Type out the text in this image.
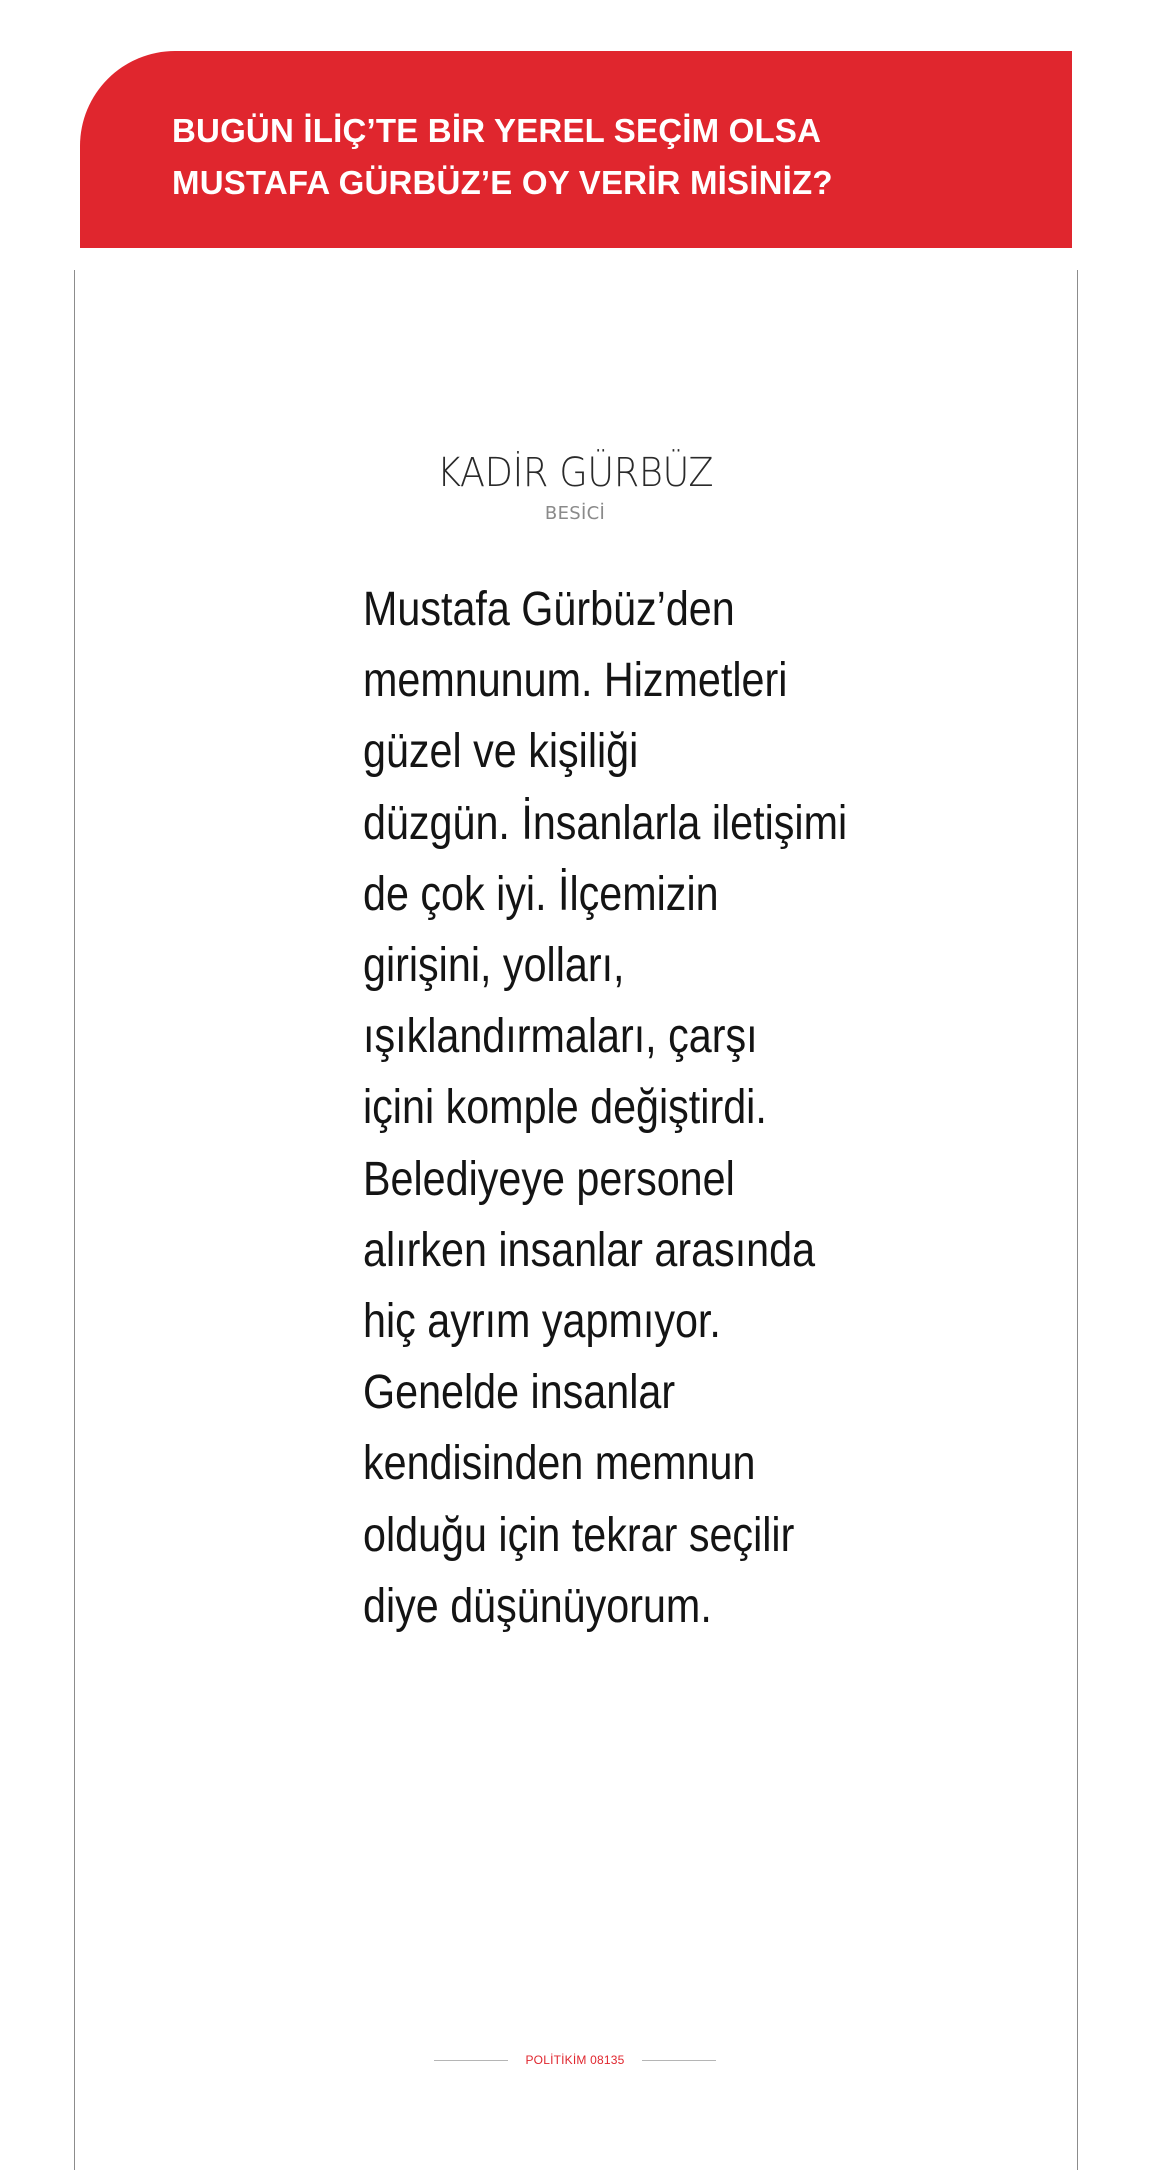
BUGÜN İLİÇ’TE BİR YEREL SEÇİM OLSA
MUSTAFA GÜRBÜZ’E OY VERİR MİSİNİZ?
KADİR GÜRBÜZ
BESİCİ
Mustafa Gürbüz’den
memnunum. Hizmetleri
güzel ve kişiliği
düzgün. İnsanlarla iletişimi
de çok iyi. İlçemizin
girişini, yolları,
ışıklandırmaları, çarşı
içini komple değiştirdi.
Belediyeye personel
alırken insanlar arasında
hiç ayrım yapmıyor.
Genelde insanlar
kendisinden memnun
olduğu için tekrar seçilir
diye düşünüyorum.
POLİTİKİM 08135
